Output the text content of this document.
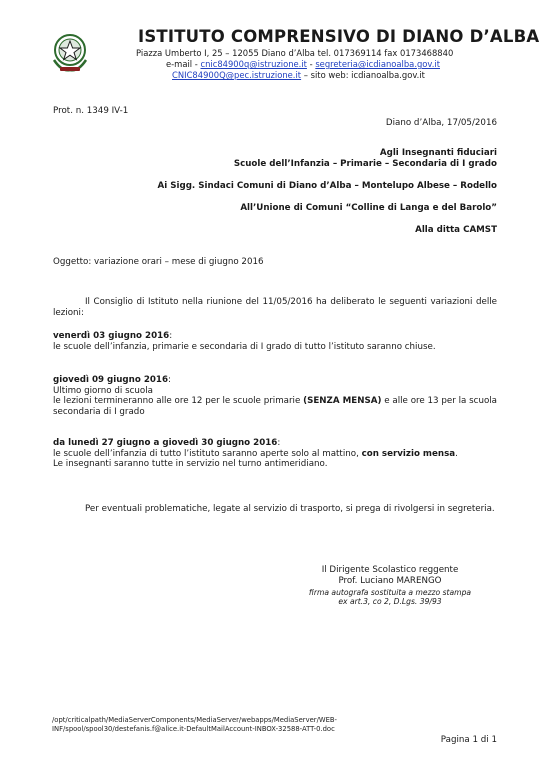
ISTITUTO COMPRENSIVO DI DIANO D’ALBA
Piazza Umberto I, 25 – 12055 Diano d’Alba tel. 017369114 fax 0173468840
e-mail - cnic84900q@istruzione.it - segreteria@icdianoalba.gov.it
CNIC84900Q@pec.istruzione.it – sito web: icdianoalba.gov.it
Prot. n. 1349 IV-1
Diano d’Alba, 17/05/2016
Agli Insegnanti fiduciari
Scuole dell’Infanzia – Primarie – Secondaria di I grado
Ai Sigg. Sindaci Comuni di Diano d’Alba – Montelupo Albese – Rodello
All’Unione di Comuni “Colline di Langa e del Barolo”
Alla ditta CAMST
Oggetto: variazione orari – mese di giugno 2016
Il Consiglio di Istituto nella riunione del 11/05/2016 ha deliberato le seguenti variazioni delle lezioni:
venerdì 03 giugno 2016:
le scuole dell’infanzia, primarie e secondaria di I grado di tutto l’istituto saranno chiuse.
giovedì 09 giugno 2016:
Ultimo giorno di scuola

le lezioni termineranno alle ore 12 per le scuole primarie (SENZA MENSA) e alle ore 13 per la scuola secondaria di I grado
da lunedì 27 giugno a giovedì 30 giugno 2016:
le scuole dell’infanzia di tutto l’istituto saranno aperte solo al mattino, con servizio mensa.
Le insegnanti saranno tutte in servizio nel turno antimeridiano.
Per eventuali problematiche, legate al servizio di trasporto, si prega di rivolgersi in segreteria.
Il Dirigente Scolastico reggente
Prof. Luciano MARENGO
firma autografa sostituita a mezzo stampa
ex art.3, co 2, D.Lgs. 39/93
/opt/criticalpath/MediaServerComponents/MediaServer/webapps/MediaServer/WEB-INF/spool/spool30/destefanis.f@alice.it-DefaultMailAccount-INBOX-32588-ATT-0.doc
Pagina 1 di 1
